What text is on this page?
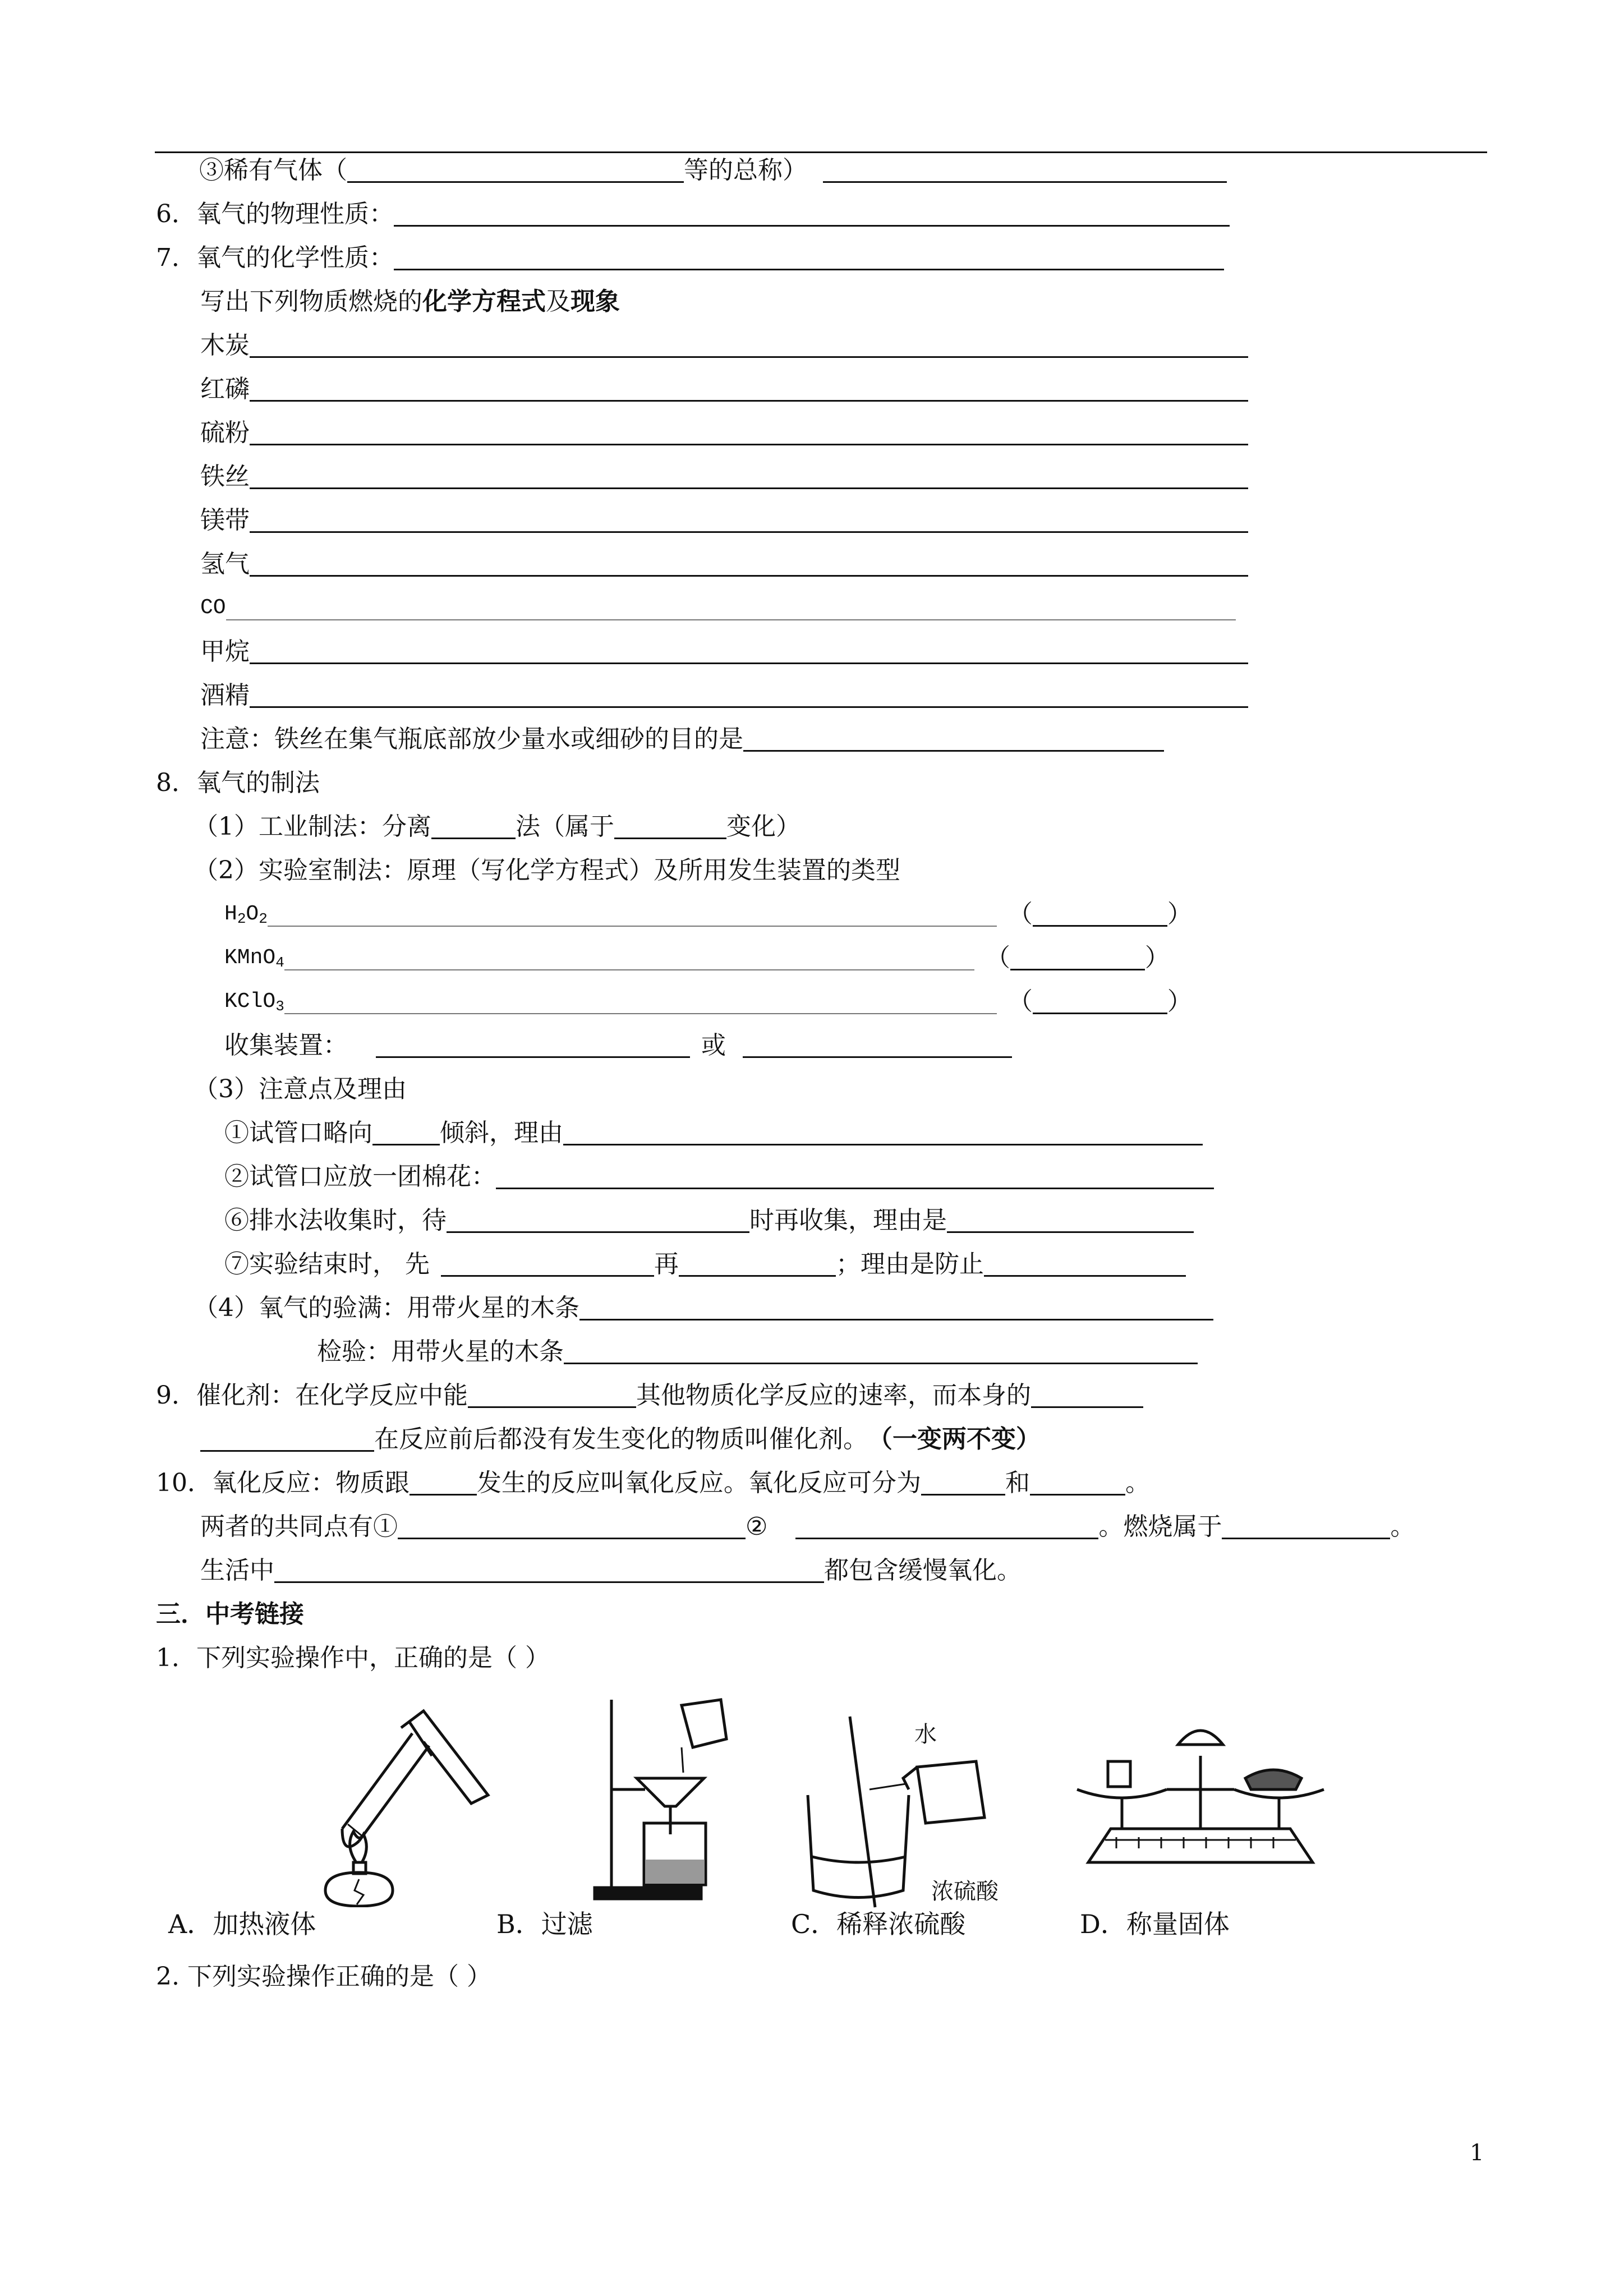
③稀有气体（	等的总称）
6．氧气的物理性质：
7．氧气的化学性质：
写出下列物质燃烧的 化学方程式 及 现象
木炭
红磷
硫粉
铁丝
镁带
氢气
CO
甲烷
酒精
注意：铁丝在集气瓶底部放少量水或细砂的目的是
8．氧气的制法
（1）工业制法：分离	法（属于	变化）
（2）实验室制法：原理（写化学方程式）及所用发生装置的类型
$H_2O_2$	（	）
KMnO$_4$	（	）
KClO$_3$	（	）
收集装置：	或
（3）注意点及理由
①试管口略向	倾斜，理由
②试管口应放一团棉花：
⑥排水法收集时，待	时再收集，理由是
⑦实验结束时， 先	再	；理由是防止
（4）氧气的验满：用带火星的木条
检验：用带火星的木条
9．催化剂：在化学反应中能	其他物质化学反应的速率，而本身的
在反应前后都没有发生变化的物质叫催化剂。 （一变两不变）
10．氧化反应：物质跟	发生的反应叫氧化反应。氧化反应可分为	和	。
两者的共同点有①	②	。燃烧属于	。
生活中	都包含缓慢氧化。
三．中考链接
1．下列实验操作中，正确的是（ ）
水
浓硫酸
A．加热液体	B．过滤	C．稀释浓硫酸	D．称量固体
2. 下列实验操作正确的是（ ）
1
